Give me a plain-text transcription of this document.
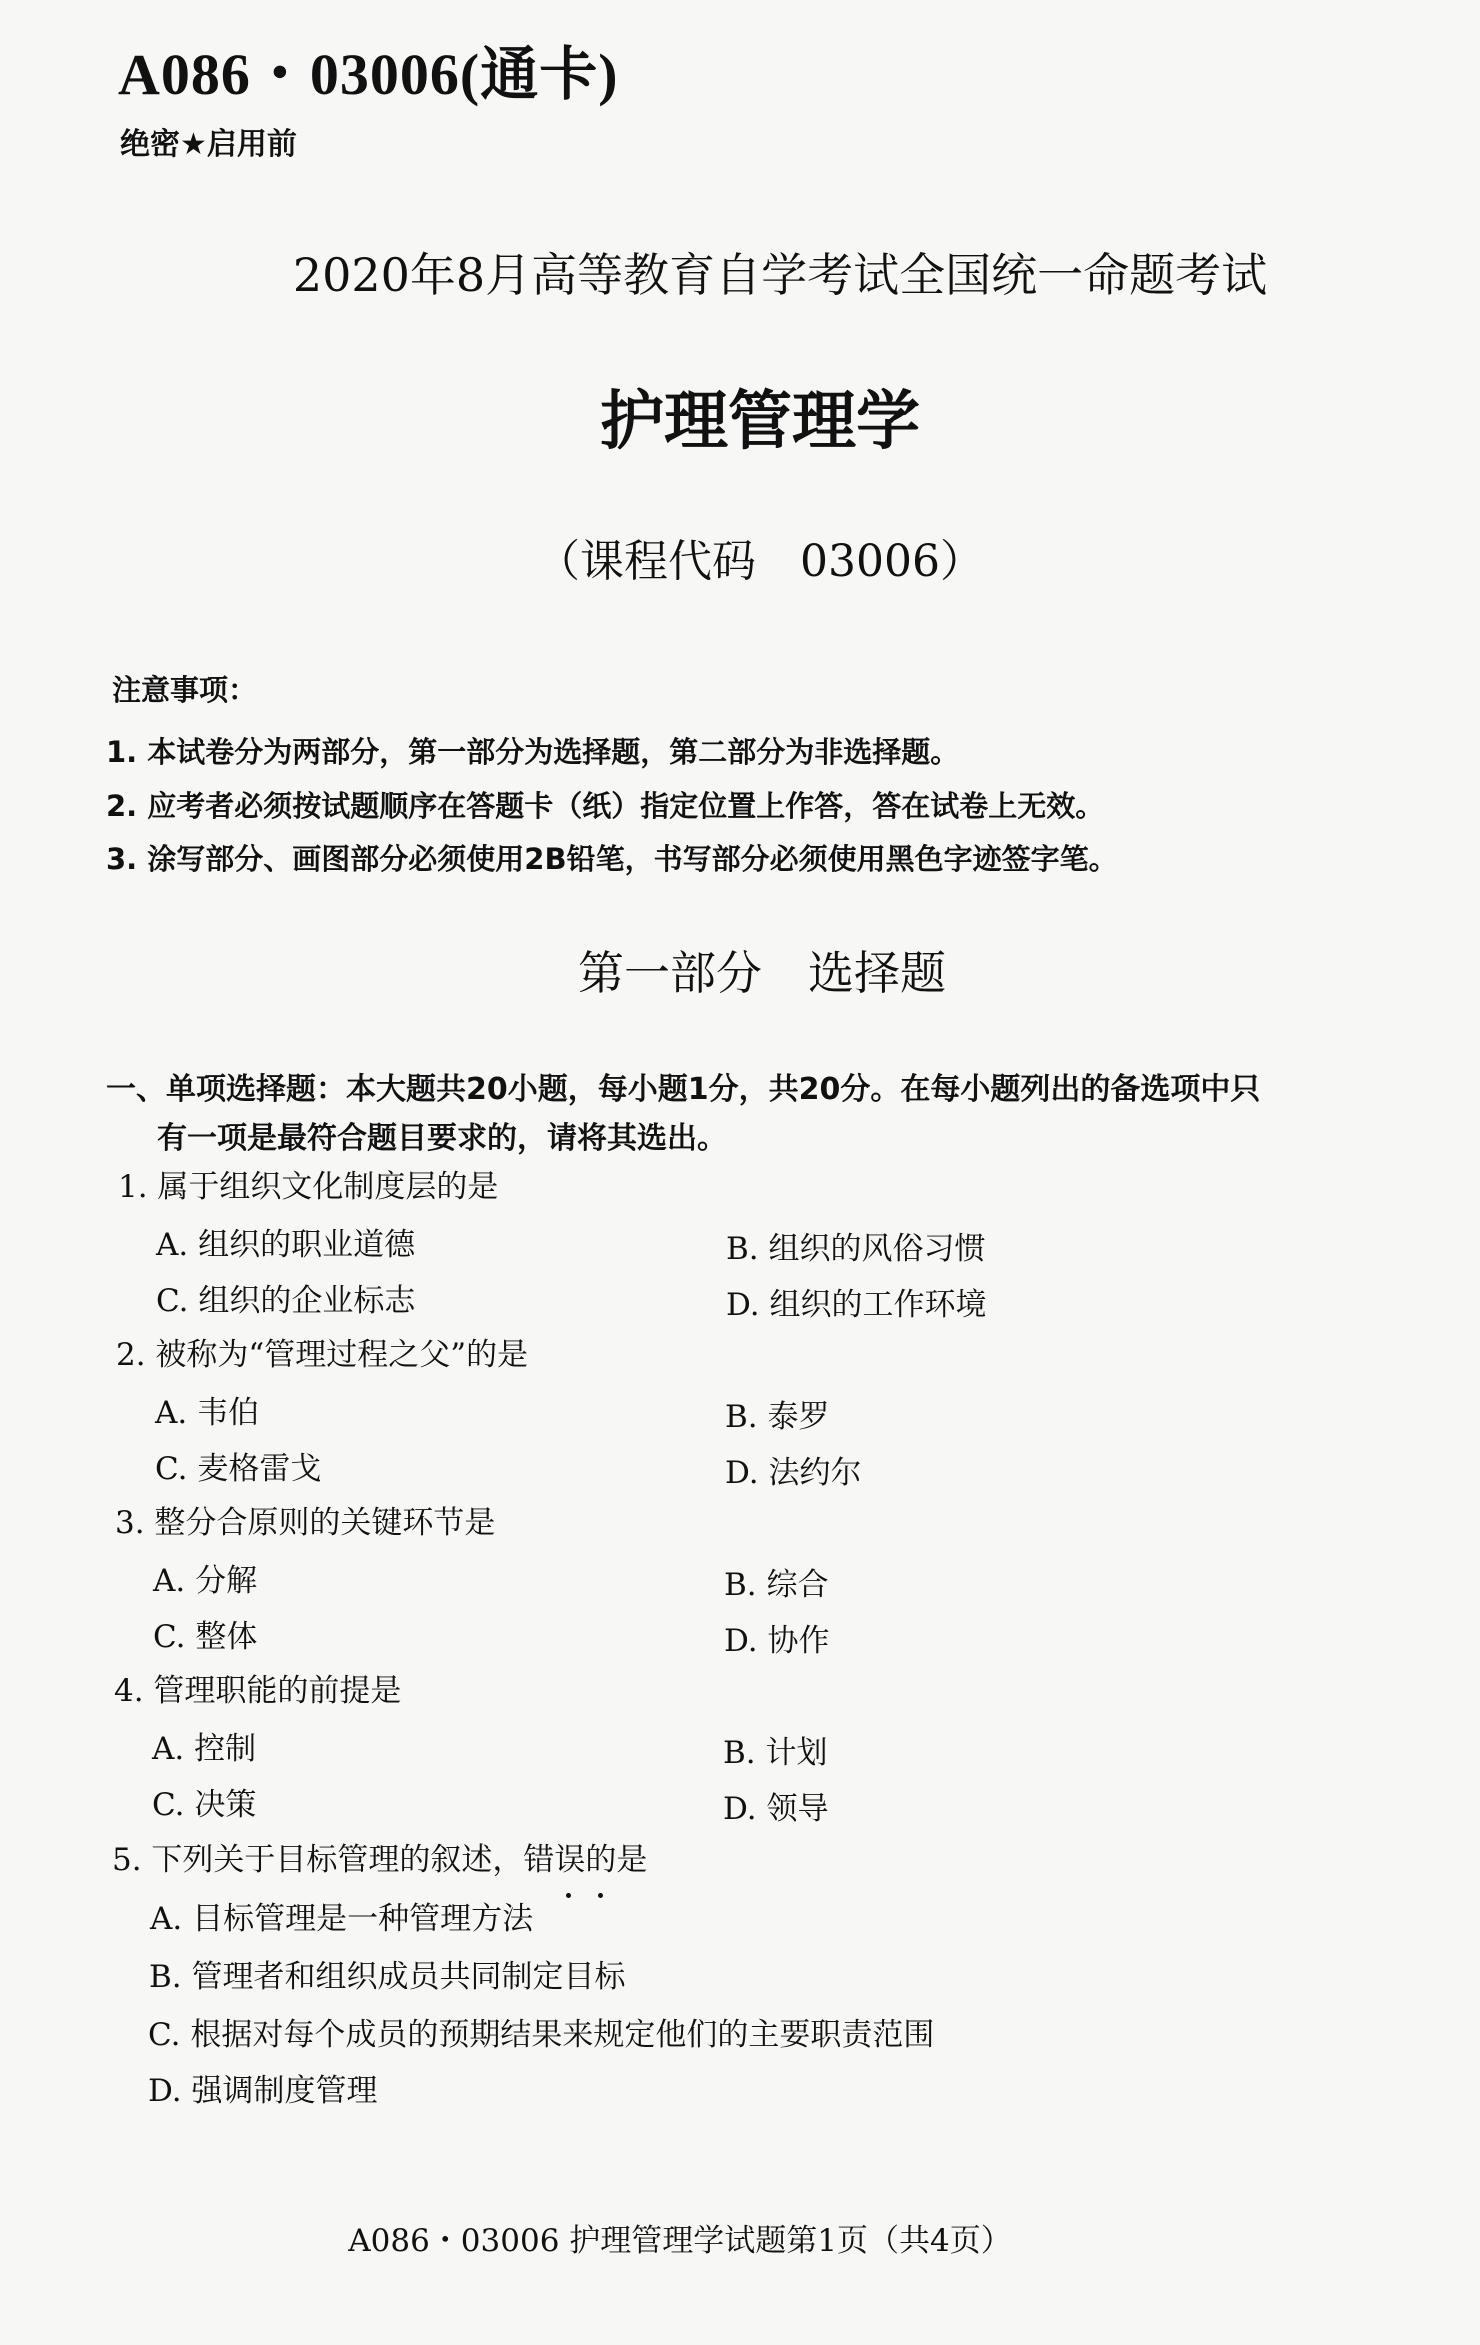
A086・03006(通卡)
绝密★启用前
2020年8月高等教育自学考试全国统一命题考试
护理管理学
（课程代码　03006）
注意事项：
1. 本试卷分为两部分，第一部分为选择题，第二部分为非选择题。
2. 应考者必须按试题顺序在答题卡（纸）指定位置上作答，答在试卷上无效。
3. 涂写部分、画图部分必须使用2B铅笔，书写部分必须使用黑色字迹签字笔。
第一部分　选择题
一、单项选择题：本大题共20小题，每小题1分，共20分。在每小题列出的备选项中只
有一项是最符合题目要求的，请将其选出。
1. 属于组织文化制度层的是
A. 组织的职业道德	B. 组织的风俗习惯
C. 组织的企业标志	D. 组织的工作环境
2. 被称为“管理过程之父”的是
A. 韦伯	B. 泰罗
C. 麦格雷戈	D. 法约尔
3. 整分合原则的关键环节是
A. 分解	B. 综合
C. 整体	D. 协作
4. 管理职能的前提是
A. 控制	B. 计划
C. 决策	D. 领导
5. 下列关于目标管理的叙述，错误的是
A. 目标管理是一种管理方法
B. 管理者和组织成员共同制定目标
C. 根据对每个成员的预期结果来规定他们的主要职责范围
D. 强调制度管理
A086・03006 护理管理学试题第1页（共4页）
